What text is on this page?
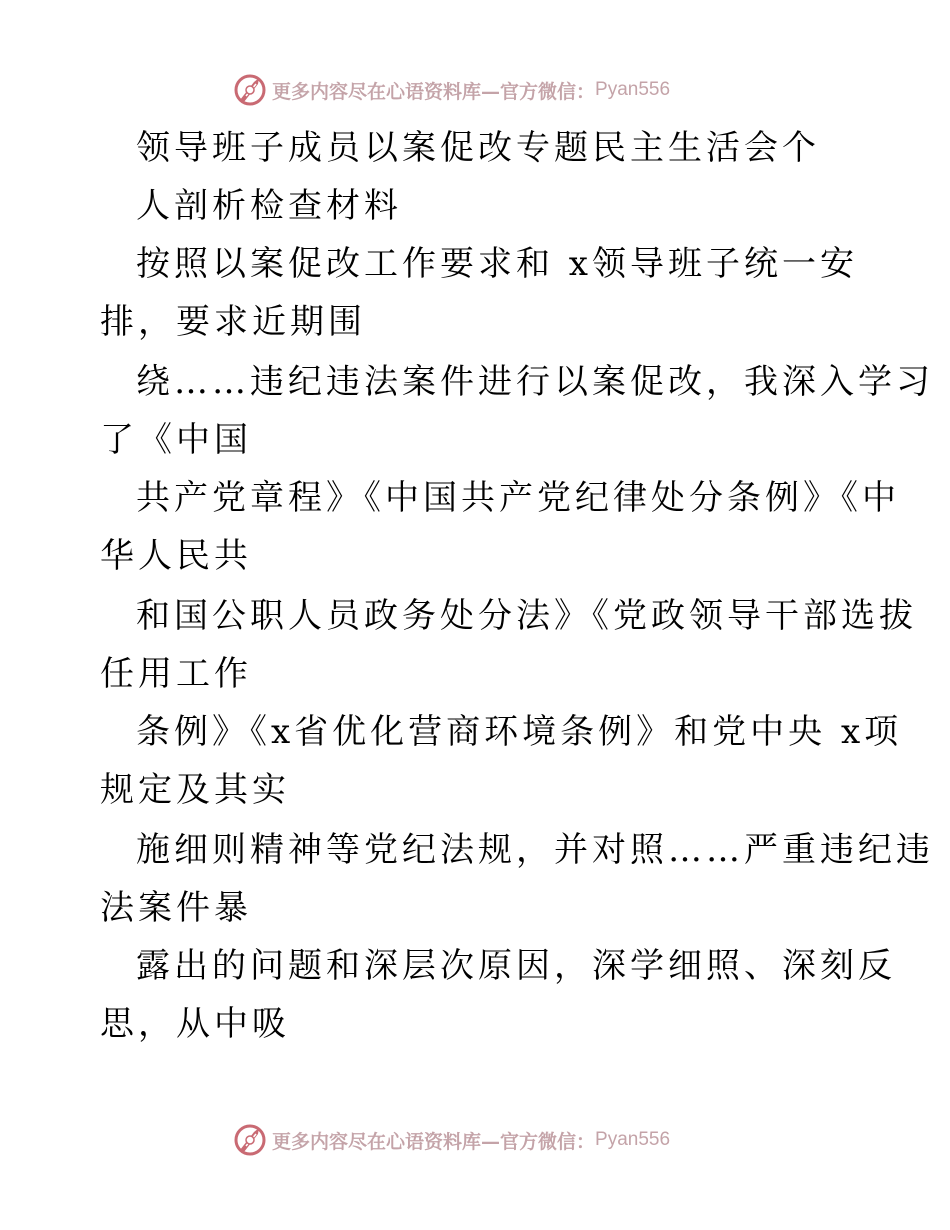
更多内容尽在心语资料库—官方微信： Pyan556
领导班子成员以案促改专题民主生活会个
人剖析检查材料
按照以案促改工作要求和 x领导班子统一安
排，要求近期围
绕……违纪违法案件进行以案促改，我深入学习
了《中国
共产党章程》《中国共产党纪律处分条例》《中
华人民共
和国公职人员政务处分法》《党政领导干部选拔
任用工作
条例》《x省优化营商环境条例》和党中央 x项
规定及其实
施细则精神等党纪法规，并对照……严重违纪违
法案件暴
露出的问题和深层次原因，深学细照、深刻反
思，从中吸
更多内容尽在心语资料库—官方微信： Pyan556
